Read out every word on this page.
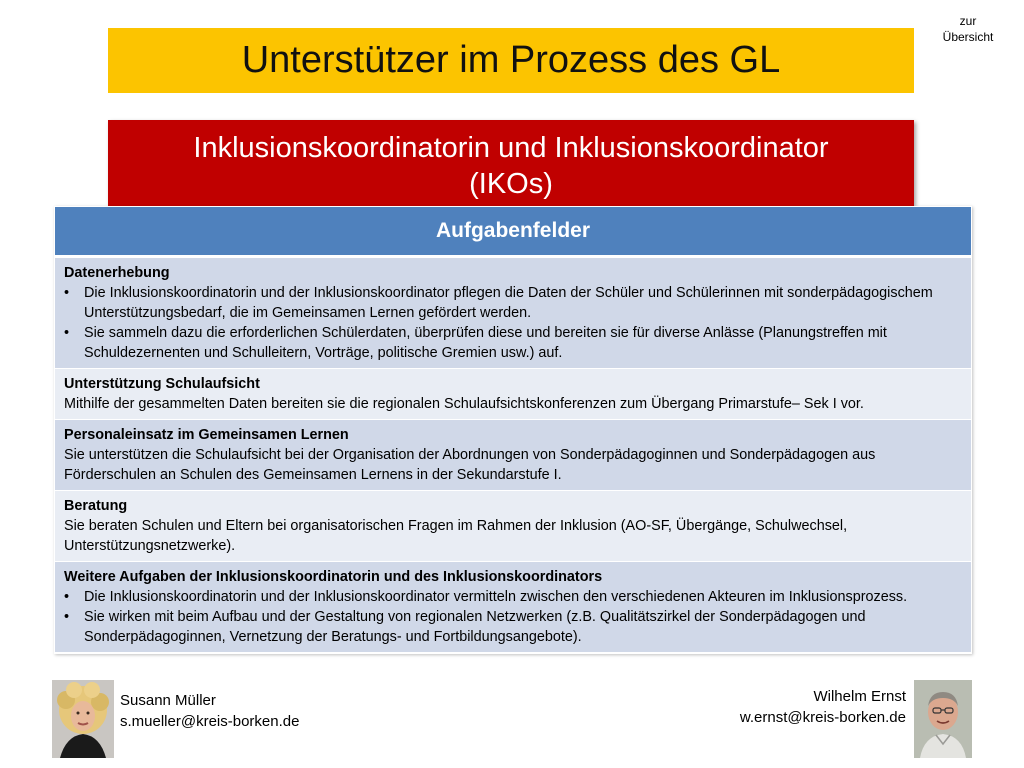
zur
Übersicht
Unterstützer im Prozess des GL
Inklusionskoordinatorin und Inklusionskoordinator
(IKOs)
Aufgabenfelder
Datenerhebung
• Die Inklusionskoordinatorin und der Inklusionskoordinator pflegen die Daten der Schüler und Schülerinnen mit sonderpädagogischem Unterstützungsbedarf, die im Gemeinsamen Lernen gefördert werden.
• Sie sammeln dazu die erforderlichen Schülerdaten, überprüfen diese und bereiten sie für diverse Anlässe (Planungstreffen mit Schuldezernenten und Schulleitern, Vorträge, politische Gremien usw.) auf.
Unterstützung Schulaufsicht
Mithilfe der gesammelten Daten bereiten sie die regionalen Schulaufsichtskonferenzen zum Übergang Primarstufe– Sek I vor.
Personaleinsatz im Gemeinsamen Lernen
Sie unterstützen die Schulaufsicht bei der Organisation der Abordnungen von Sonderpädagoginnen und Sonderpädagogen aus Förderschulen an Schulen des Gemeinsamen Lernens in der Sekundarstufe I.
Beratung
Sie beraten Schulen und Eltern bei organisatorischen Fragen im Rahmen der Inklusion (AO-SF, Übergänge, Schulwechsel, Unterstützungsnetzwerke).
Weitere Aufgaben der Inklusionskoordinatorin und des Inklusionskoordinators
• Die Inklusionskoordinatorin und der Inklusionskoordinator vermitteln zwischen den verschiedenen Akteuren im Inklusionsprozess.
• Sie wirken mit beim Aufbau und der Gestaltung von regionalen Netzwerken (z.B. Qualitätszirkel der Sonderpädagogen und Sonderpädagoginnen, Vernetzung der Beratungs- und Fortbildungsangebote).
Susann Müller
s.mueller@kreis-borken.de
Wilhelm Ernst
w.ernst@kreis-borken.de
